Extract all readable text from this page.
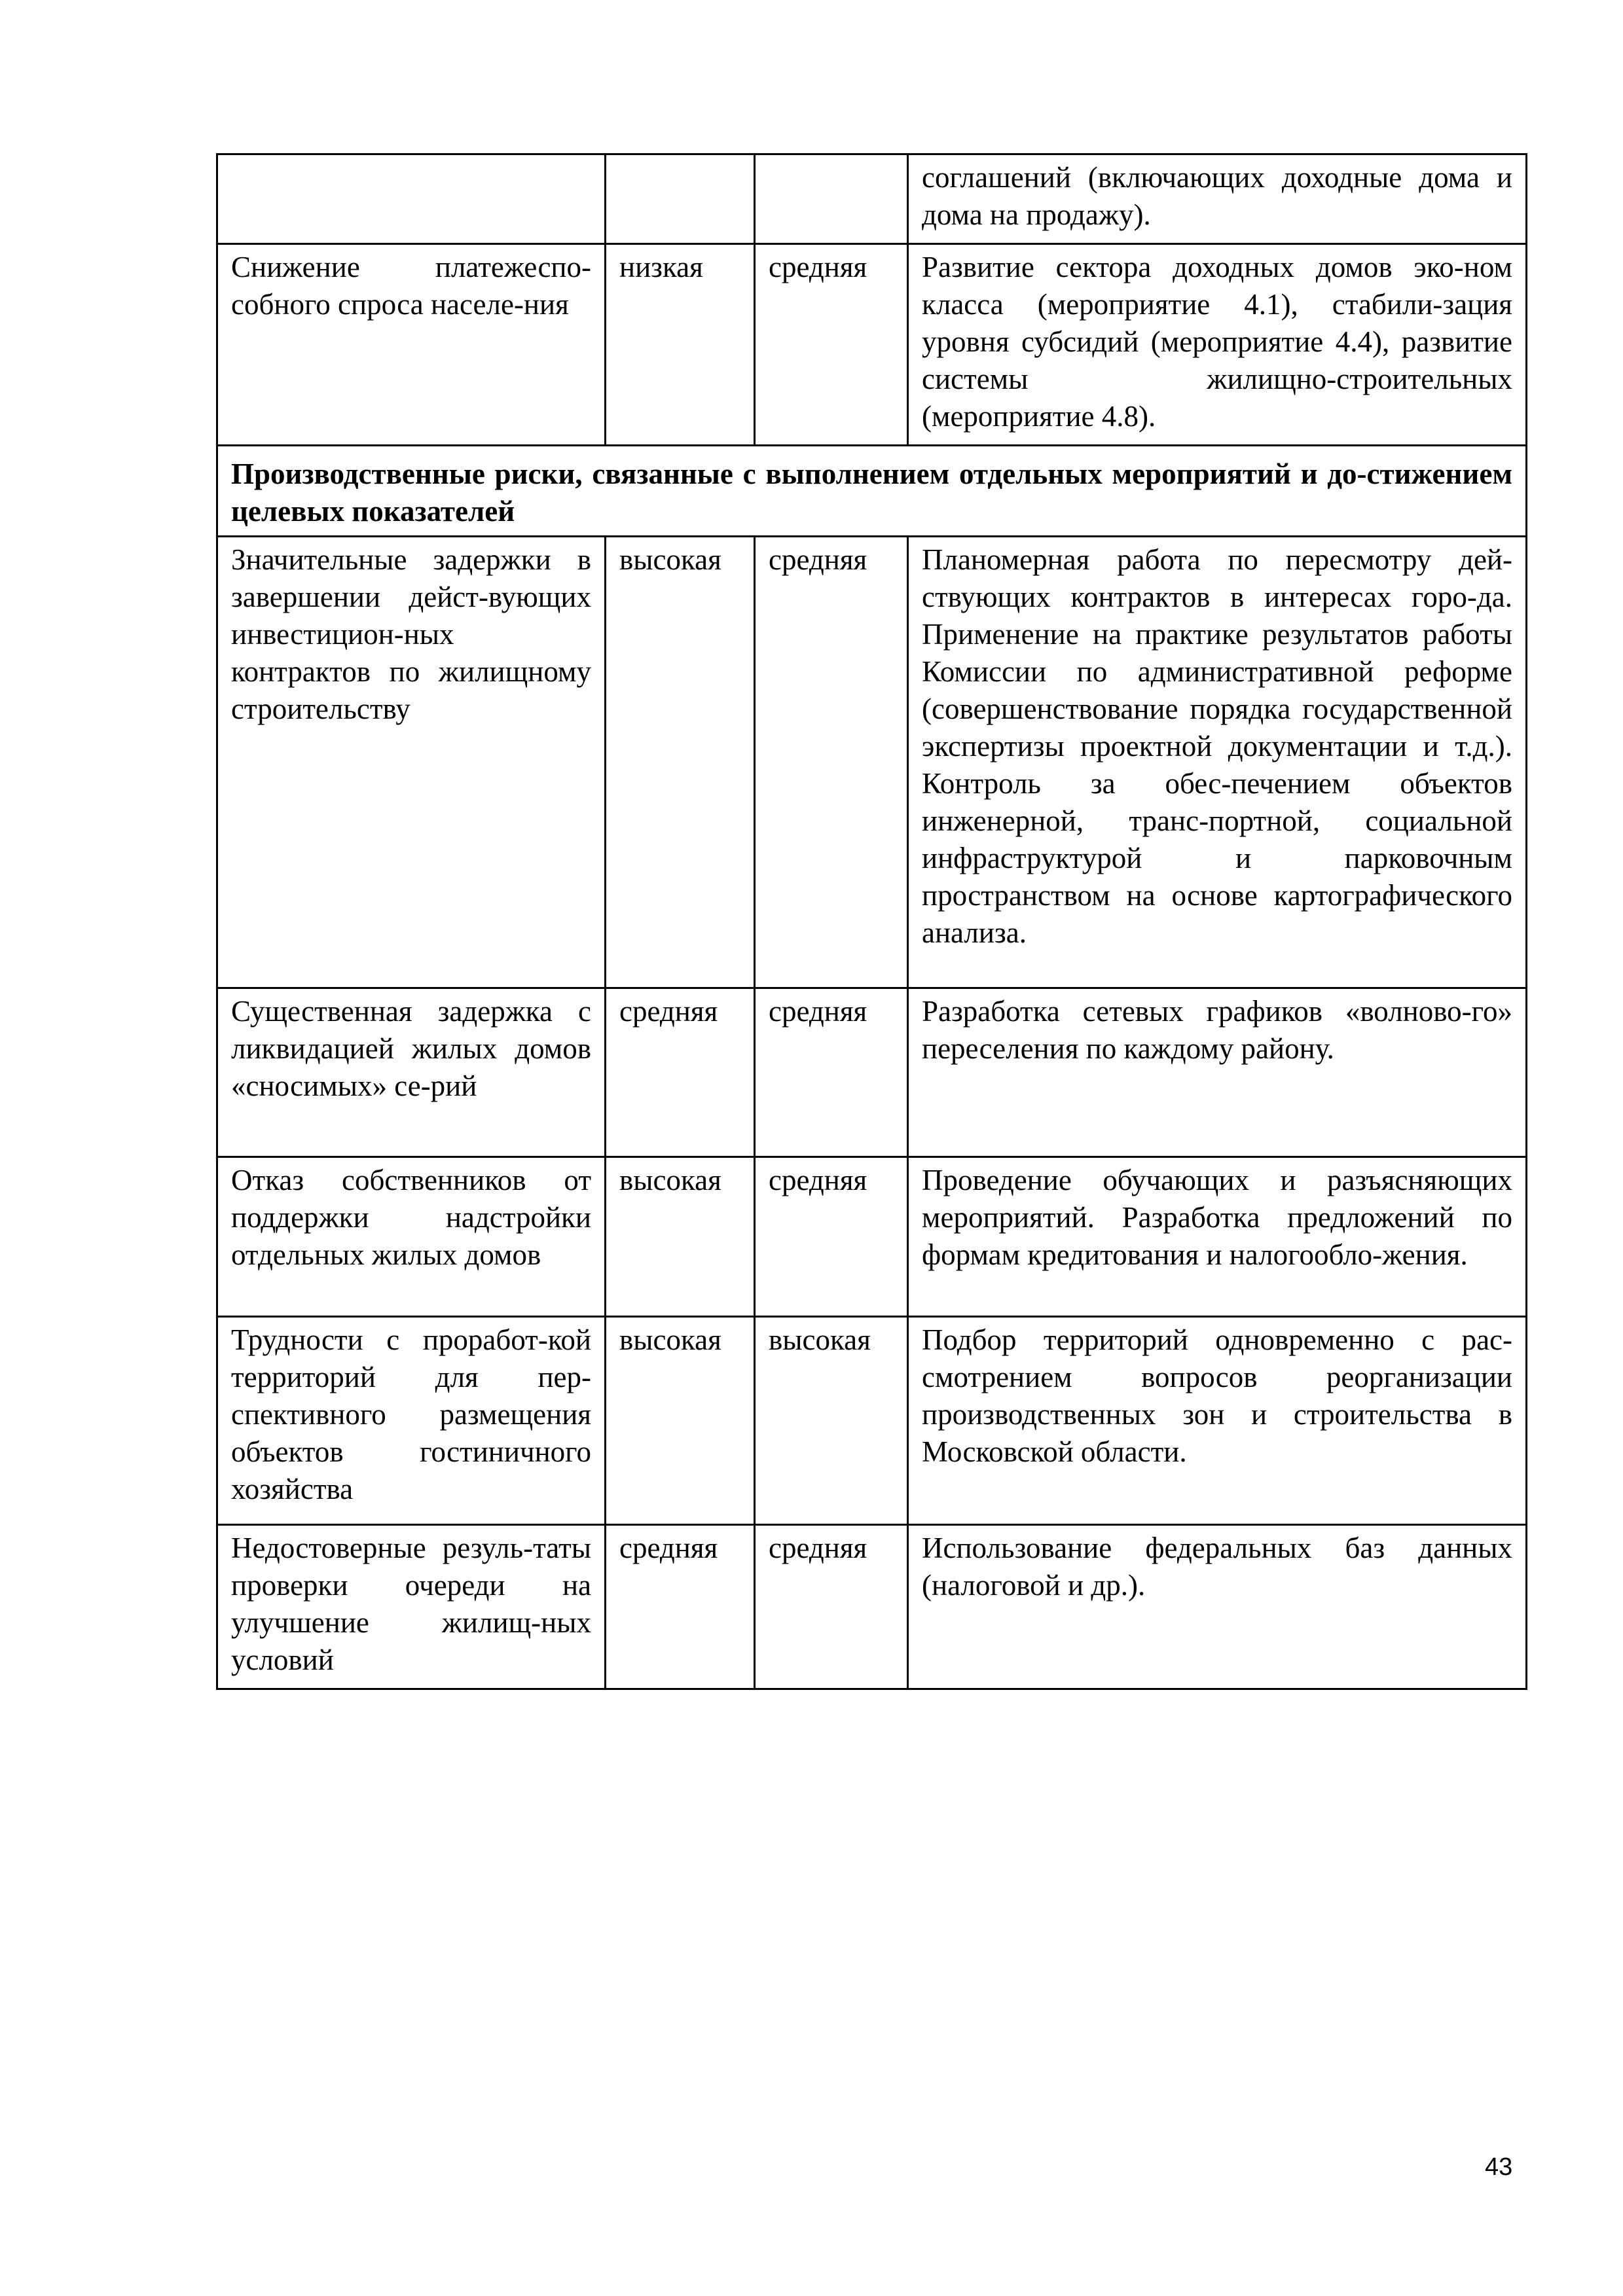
			соглашений (включающих доходные дома и дома на продажу).
Снижение платежеспо-собного спроса населе-ния	низкая	средняя	Развитие сектора доходных домов эко-ном класса (мероприятие 4.1), стабили-зация уровня субсидий (мероприятие 4.4), развитие системы жилищно-строительных (мероприятие 4.8).
Производственные риски, связанные с выполнением отдельных мероприятий и до-стижением целевых показателей			
Значительные задержки в завершении дейст-вующих инвестицион-ных контрактов по жилищному строительству	высокая	средняя	Планомерная работа по пересмотру дей-ствующих контрактов в интересах горо-да. Применение на практике результатов работы Комиссии по административной реформе (совершенствование порядка государственной экспертизы проектной документации и т.д.). Контроль за обес-печением объектов инженерной, транс-портной, социальной инфраструктурой и парковочным пространством на основе картографического анализа.
Существенная задержка с ликвидацией жилых домов «сносимых» се-рий	средняя	средняя	Разработка сетевых графиков «волново-го» переселения по каждому району.
Отказ собственников от поддержки надстройки отдельных жилых домов	высокая	средняя	Проведение обучающих и разъясняющих мероприятий. Разработка предложений по формам кредитования и налогообло-жения.
Трудности с проработ-кой территорий для пер-спективного размещения объектов гостиничного хозяйства	высокая	высокая	Подбор территорий одновременно с рас-смотрением вопросов реорганизации производственных зон и строительства в Московской области.
Недостоверные резуль-таты проверки очереди на улучшение жилищ-ных условий	средняя	средняя	Использование федеральных баз данных (налоговой и др.).
43
